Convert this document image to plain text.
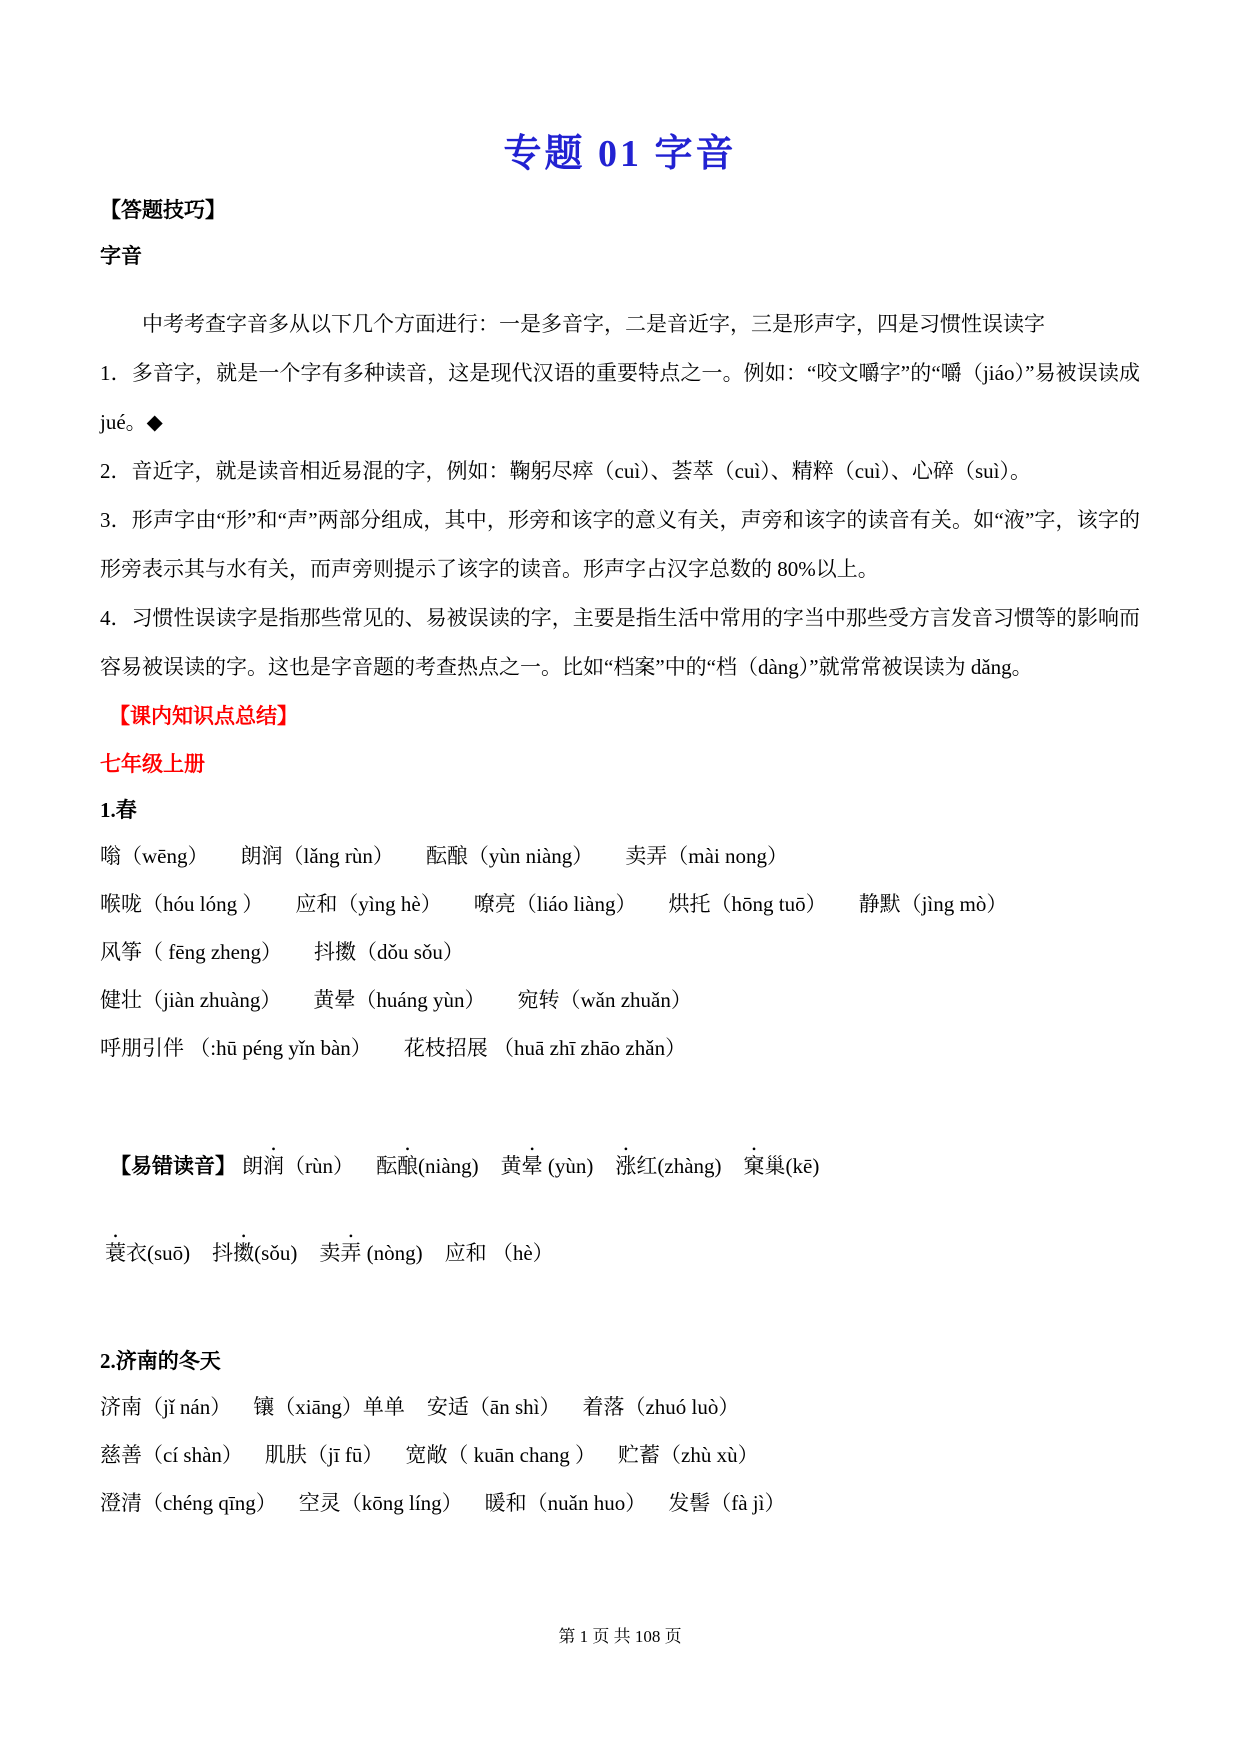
专题 01 字音
【答题技巧】
字音

　　中考考查字音多从以下几个方面进行：一是多音字，二是音近字，三是形声字，四是习惯性误读字

1．多音字，就是一个字有多种读音，这是现代汉语的重要特点之一。例如：“咬文嚼字”的“嚼（jiáo）”易被误读成 jué。◆

2．音近字，就是读音相近易混的字，例如：鞠躬尽瘁（cuì）、荟萃（cuì）、精粹（cuì）、心碎（suì）。

3．形声字由“形”和“声”两部分组成，其中，形旁和该字的意义有关，声旁和该字的读音有关。如“液”字，该字的形旁表示其与水有关，而声旁则提示了该字的读音。形声字占汉字总数的 80%以上。

4．习惯性误读字是指那些常见的、易被误读的字，主要是指生活中常用的字当中那些受方言发音习惯等的影响而容易被误读的字。这也是字音题的考查热点之一。比如“档案”中的“档（dàng）”就常常被误读为 dǎng。

【课内知识点总结】
七年级上册
1.春
嗡（wēng） 朗润（lǎng rùn） 酝酿（yùn niàng） 卖弄（mài nong）
喉咙（hóu lóng ） 应和（yìng hè） 嘹亮（liáo liàng） 烘托（hōng tuō） 静默（jìng mò）
风筝（ fēng zheng） 抖擞（dǒu sǒu）
健壮（jiàn zhuàng） 黄晕（huáng yùn） 宛转（wǎn zhuǎn）
呼朋引伴 （:hū péng yǐn bàn） 花枝招展 （huā zhī zhāo zhǎn）
【易错读音】 朗润（rùn） 酝酿(niàng) 黄晕 (yùn) 涨红(zhàng) 窠巢(kē)
蓑衣(suō) 抖擞(sǒu) 卖弄 (nòng) 应和 （hè）
2.济南的冬天
济南（jǐ nán） 镶（xiāng）单单 安适（ān shì） 着落（zhuó luò）
慈善（cí shàn） 肌肤（jī fū） 宽敞（ kuān chang ） 贮蓄（zhù xù）
澄清（chéng qīng） 空灵（kōng líng） 暖和（nuǎn huo） 发髻（fà jì）
第 1 页 共 108 页
